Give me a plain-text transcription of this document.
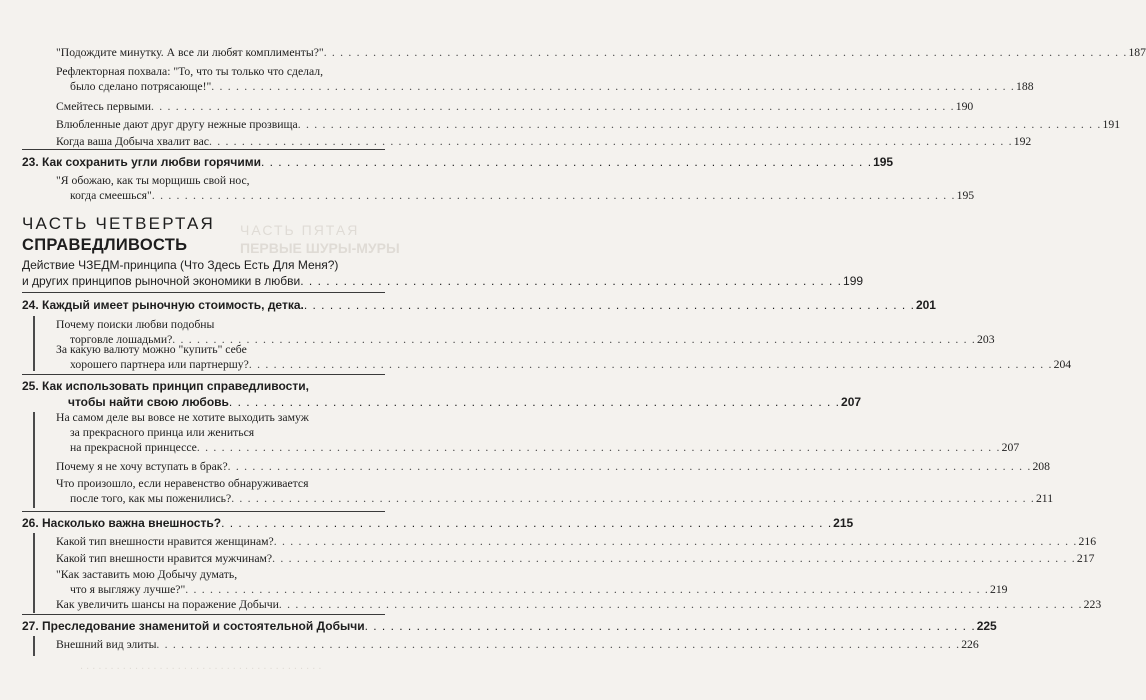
ЧАСТЬ ПЯТАЯ
ПЕРВЫЕ ШУРЫ-МУРЫ
"Подождите минутку. А все ли любят комплименты?" . . .	187
Рефлекторная похвала: "То, что ты только что сделал,
было сделано потрясающе!" . . .	188
Смейтесь первыми . . .	190
Влюбленные дают друг другу нежные прозвища . . .	191
Когда ваша Добыча хвалит вас . . .	192
23. Как сохранить угли любви горячими . . .	195
"Я обожаю, как ты морщишь свой нос,
когда смеешься" . . .	195
ЧАСТЬ ЧЕТВЕРТАЯ
СПРАВЕДЛИВОСТЬ
Действие ЧЗЕДМ-принципа (Что Здесь Есть Для Меня?)
и других принципов рыночной экономики в любви . . .	199
24. Каждый имеет рыночную стоимость, детка. . . .	201
Почему поиски любви подобны
торговле лошадьми? . . .	203
За какую валюту можно "купить" себе
хорошего партнера или партнершу? . . .	204
25. Как использовать принцип справедливости,
чтобы найти свою любовь . . .	207
На самом деле вы вовсе не хотите выходить замуж
за прекрасного принца или жениться
на прекрасной принцессе . . .	207
Почему я не хочу вступать в брак? . . .	208
Что произошло, если неравенство обнаруживается
после того, как мы поженились? . . .	211
26. Насколько важна внешность? . . .	215
Какой тип внешности нравится женщинам? . . .	216
Какой тип внешности нравится мужчинам? . . .	217
"Как заставить мою Добычу думать,
что я выгляжу лучше?" . . .	219
Как увеличить шансы на поражение Добычи . . .	223
27. Преследование знаменитой и состоятельной Добычи . . .	225
Внешний вид элиты . . .	226
. . . . . . . . . . . . . . . . . . . . . . . . . . . . . . . . . . . . . . . .
